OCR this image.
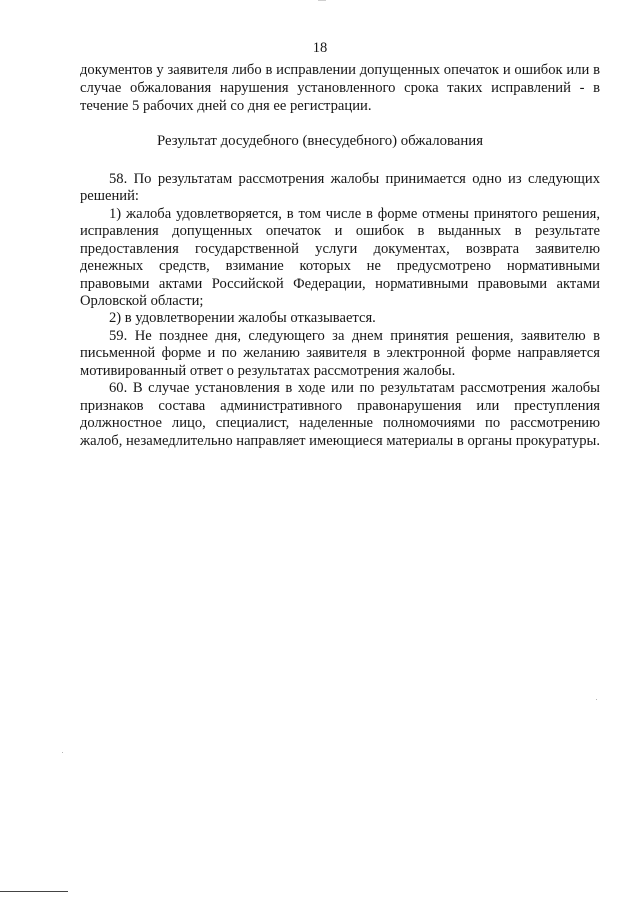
18
документов у заявителя либо в исправлении допущенных опечаток и ошибок или в
случае обжалования нарушения установленного срока таких исправлений - в
течение 5 рабочих дней со дня ее регистрации.
Результат досудебного (внесудебного) обжалования
58. По результатам рассмотрения жалобы принимается одно из следующих
решений:
1) жалоба удовлетворяется, в том числе в форме отмены принятого решения,
исправления допущенных опечаток и ошибок в выданных в результате
предоставления государственной услуги документах, возврата заявителю
денежных средств, взимание которых не предусмотрено нормативными
правовыми актами Российской Федерации, нормативными правовыми актами
Орловской области;
2) в удовлетворении жалобы отказывается.
59. Не позднее дня, следующего за днем принятия решения, заявителю в
письменной форме и по желанию заявителя в электронной форме направляется
мотивированный ответ о результатах рассмотрения жалобы.
60. В случае установления в ходе или по результатам рассмотрения жалобы
признаков состава административного правонарушения или преступления
должностное лицо, специалист, наделенные полномочиями по рассмотрению
жалоб, незамедлительно направляет имеющиеся материалы в органы прокуратуры.
